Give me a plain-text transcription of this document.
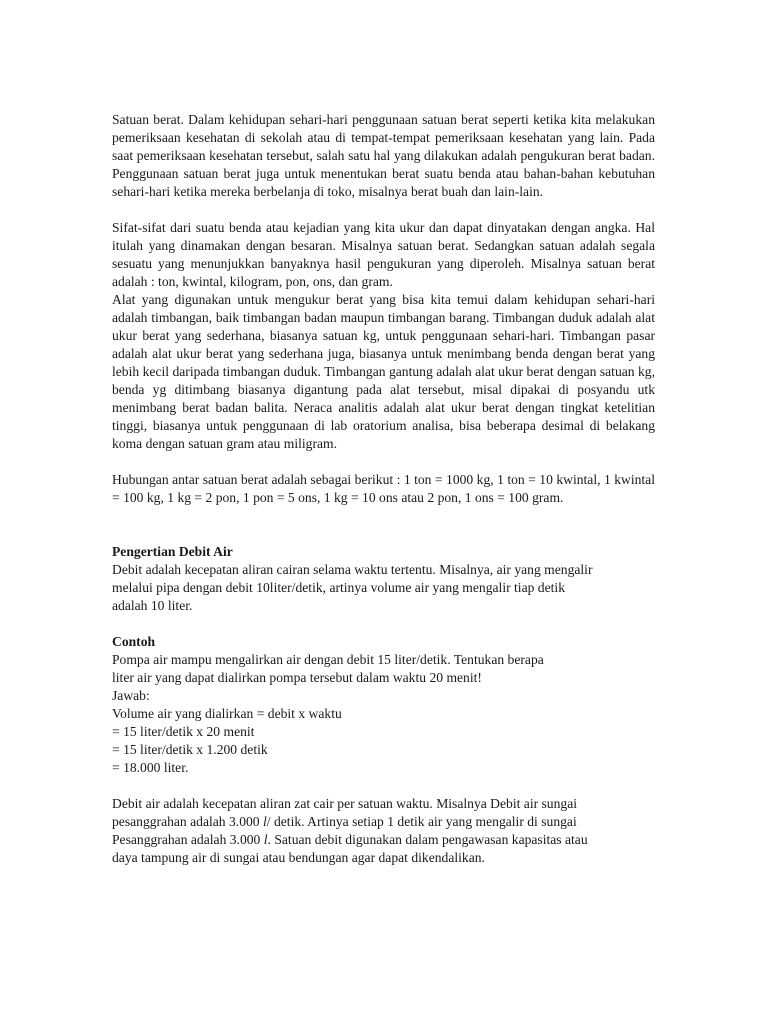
Satuan berat. Dalam kehidupan sehari-hari penggunaan satuan berat seperti ketika kita melakukan pemeriksaan kesehatan di sekolah atau di tempat-tempat pemeriksaan kesehatan yang lain. Pada saat pemeriksaan kesehatan tersebut, salah satu hal yang dilakukan adalah pengukuran berat badan. Penggunaan satuan berat juga untuk menentukan berat suatu benda atau bahan-bahan kebutuhan sehari-hari ketika mereka berbelanja di toko, misalnya berat buah dan lain-lain.

Sifat-sifat dari suatu benda atau kejadian yang kita ukur dan dapat dinyatakan dengan angka. Hal itulah yang dinamakan dengan besaran. Misalnya satuan berat. Sedangkan satuan adalah segala sesuatu yang menunjukkan banyaknya hasil pengukuran yang diperoleh. Misalnya satuan berat adalah : ton, kwintal, kilogram, pon, ons, dan gram.

Alat yang digunakan untuk mengukur berat yang bisa kita temui dalam kehidupan sehari-hari adalah timbangan, baik timbangan badan maupun timbangan barang. Timbangan duduk adalah alat ukur berat yang sederhana, biasanya satuan kg, untuk penggunaan sehari-hari. Timbangan pasar adalah alat ukur berat yang sederhana juga, biasanya untuk menimbang benda dengan berat yang lebih kecil daripada timbangan duduk. Timbangan gantung adalah alat ukur berat dengan satuan kg, benda yg ditimbang biasanya digantung pada alat tersebut, misal dipakai di posyandu utk menimbang berat badan balita. Neraca analitis adalah alat ukur berat dengan tingkat ketelitian tinggi, biasanya untuk penggunaan di lab oratorium analisa, bisa beberapa desimal di belakang koma dengan satuan gram atau miligram.

Hubungan antar satuan berat adalah sebagai berikut : 1 ton = 1000 kg, 1 ton = 10 kwintal, 1 kwintal = 100 kg, 1 kg = 2 pon, 1 pon = 5 ons, 1 kg = 10 ons atau 2 pon, 1 ons = 100 gram.

Pengertian Debit Air

Debit adalah kecepatan aliran cairan selama waktu tertentu. Misalnya, air yang mengalir
melalui pipa dengan debit 10liter/detik, artinya volume air yang mengalir tiap detik
adalah 10 liter.

Contoh

Pompa air mampu mengalirkan air dengan debit 15 liter/detik. Tentukan berapa
liter air yang dapat dialirkan pompa tersebut dalam waktu 20 menit!
Jawab:
Volume air yang dialirkan = debit x waktu
= 15 liter/detik x 20 menit
= 15 liter/detik x 1.200 detik
= 18.000 liter.
Debit air adalah kecepatan aliran zat cair per satuan waktu. Misalnya Debit air sungai
pesanggrahan adalah 3.000 l/ detik. Artinya setiap 1 detik air yang mengalir di sungai
Pesanggrahan adalah 3.000 l. Satuan debit digunakan dalam pengawasan kapasitas atau
daya tampung air di sungai atau bendungan agar dapat dikendalikan.
